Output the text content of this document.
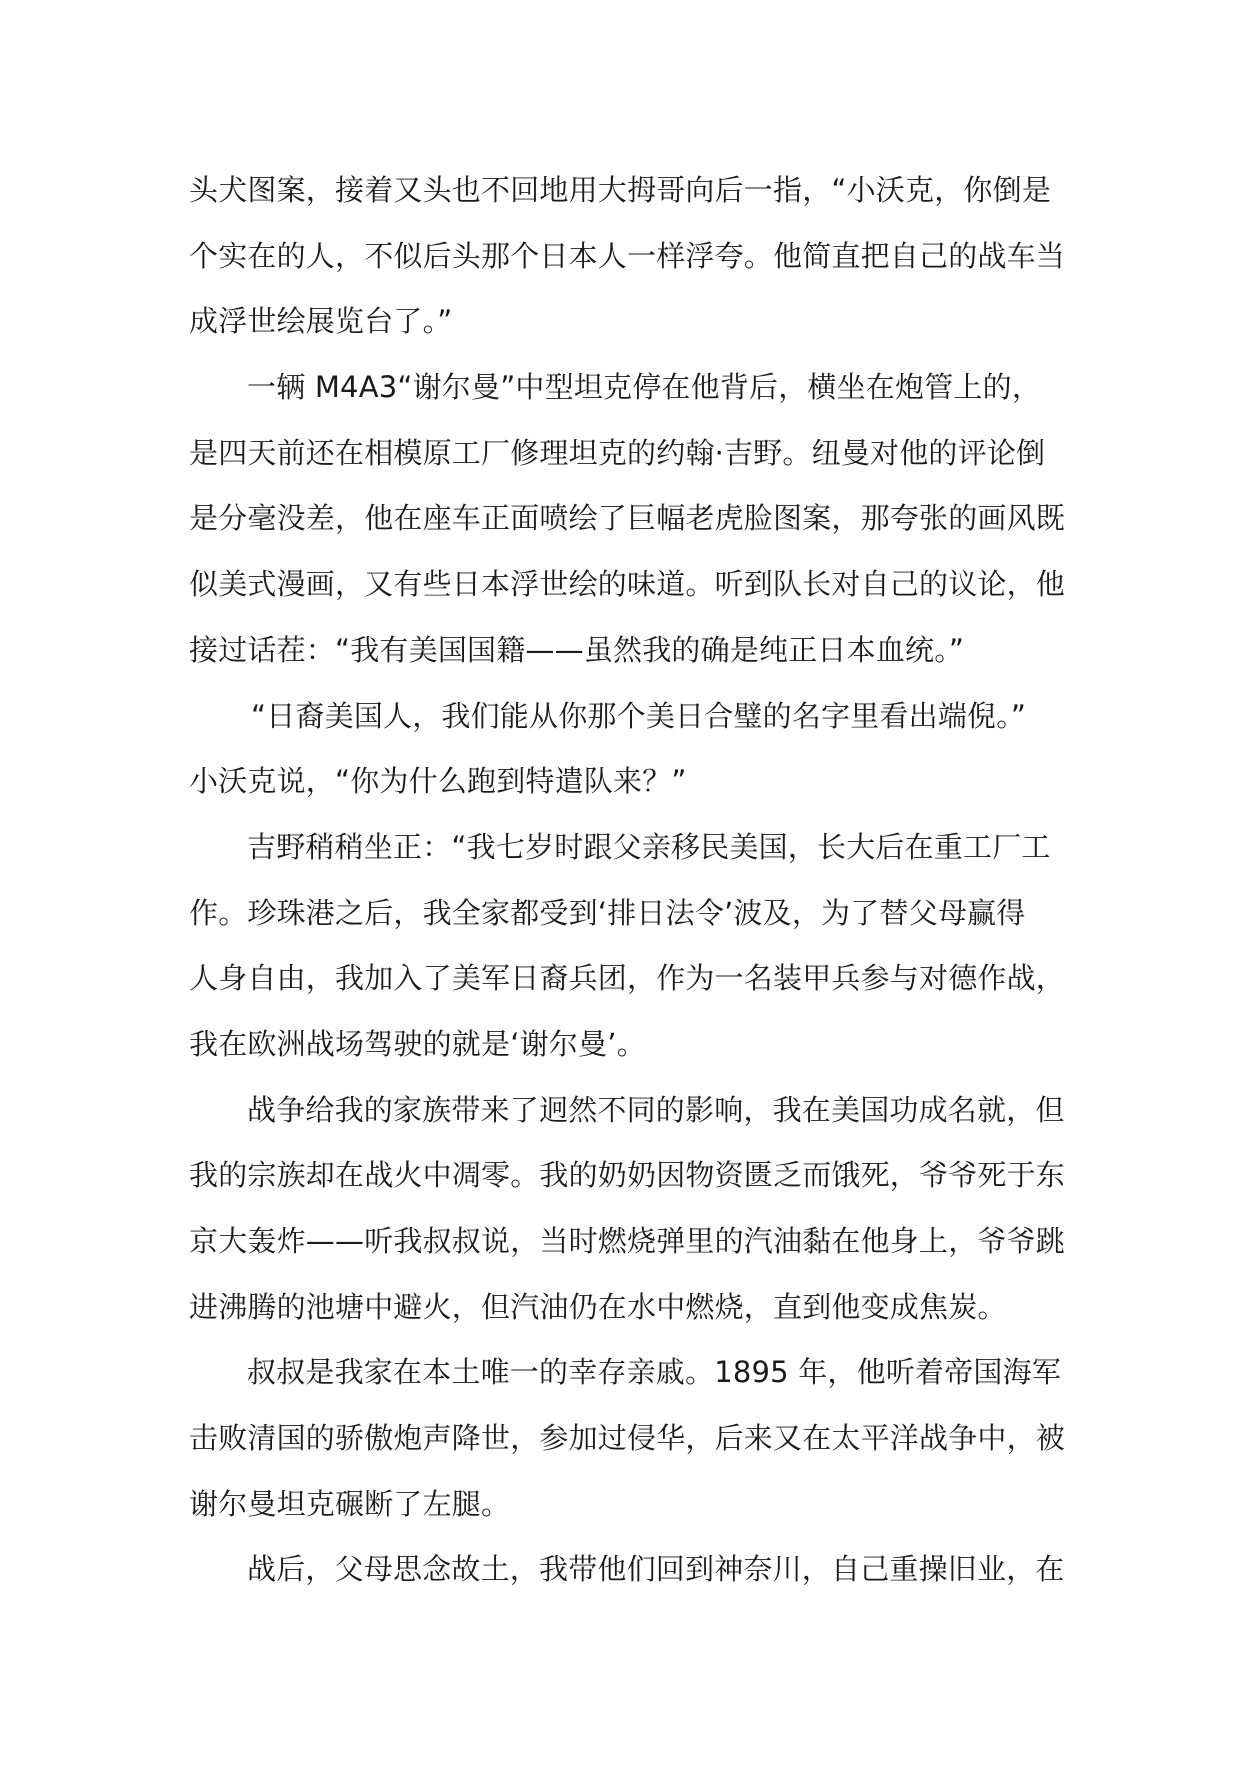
头犬图案，接着又头也不回地用大拇哥向后一指，“小沃克，你倒是
个实在的人，不似后头那个日本人一样浮夸。他简直把自己的战车当
成浮世绘展览台了。”
一辆 M4A3“谢尔曼”中型坦克停在他背后，横坐在炮管上的，
是四天前还在相模原工厂修理坦克的约翰·吉野。纽曼对他的评论倒
是分毫没差，他在座车正面喷绘了巨幅老虎脸图案，那夸张的画风既
似美式漫画，又有些日本浮世绘的味道。听到队长对自己的议论，他
接过话茬：“我有美国国籍——虽然我的确是纯正日本血统。”
“日裔美国人，我们能从你那个美日合璧的名字里看出端倪。”
小沃克说，“你为什么跑到特遣队来？”
吉野稍稍坐正：“我七岁时跟父亲移民美国，长大后在重工厂工
作。珍珠港之后，我全家都受到‘排日法令’波及，为了替父母赢得
人身自由，我加入了美军日裔兵团，作为一名装甲兵参与对德作战，
我在欧洲战场驾驶的就是‘谢尔曼’。
战争给我的家族带来了迥然不同的影响，我在美国功成名就，但
我的宗族却在战火中凋零。我的奶奶因物资匮乏而饿死，爷爷死于东
京大轰炸——听我叔叔说，当时燃烧弹里的汽油黏在他身上，爷爷跳
进沸腾的池塘中避火，但汽油仍在水中燃烧，直到他变成焦炭。
叔叔是我家在本土唯一的幸存亲戚。1895 年，他听着帝国海军
击败清国的骄傲炮声降世，参加过侵华，后来又在太平洋战争中，被
谢尔曼坦克碾断了左腿。
战后，父母思念故土，我带他们回到神奈川，自己重操旧业，在
